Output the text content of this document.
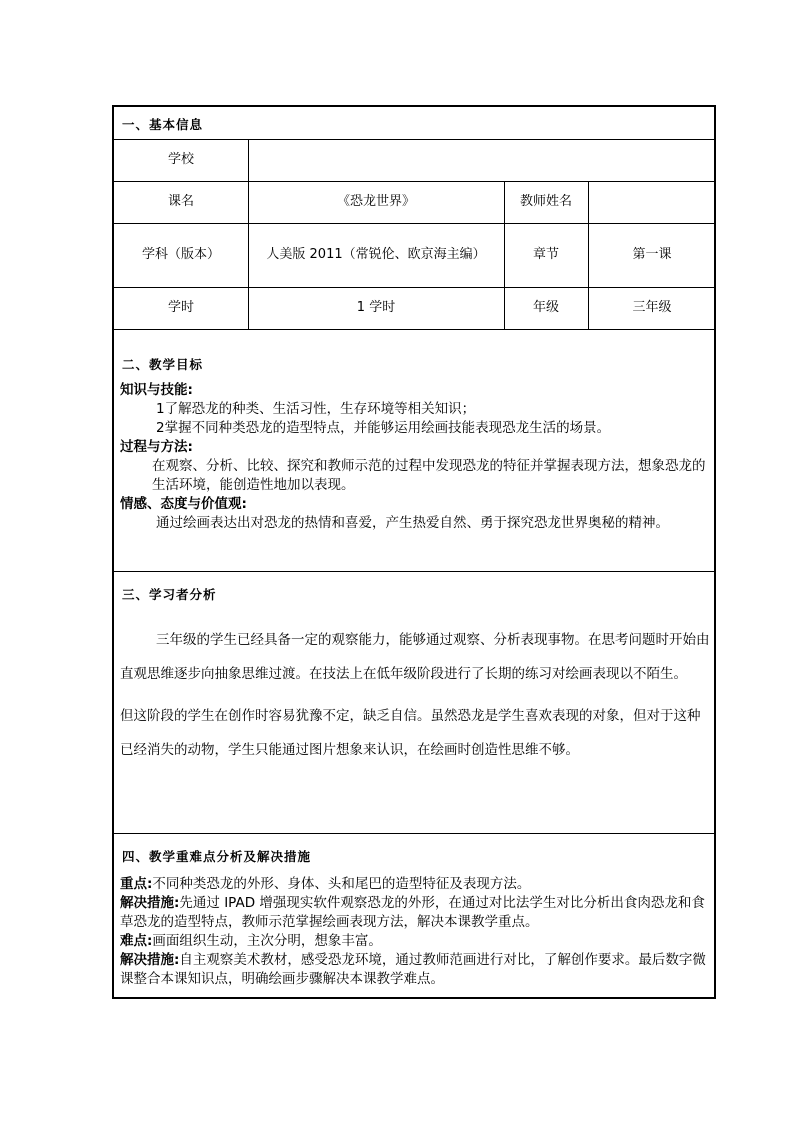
一、基本信息
学校
课名	《恐龙世界》	教师姓名
学科（版本）	人美版 2011（常锐伦、欧京海主编）	章节	第一课
学时	1 学时	年级	三年级
二、教学目标

知识与技能:

1了解恐龙的种类、生活习性，生存环境等相关知识；

2掌握不同种类恐龙的造型特点，并能够运用绘画技能表现恐龙生活的场景。

过程与方法:

在观察、分析、比较、探究和教师示范的过程中发现恐龙的特征并掌握表现方法，想象恐龙的生活环境，能创造性地加以表现。

情感、态度与价值观:

通过绘画表达出对恐龙的热情和喜爱，产生热爱自然、勇于探究恐龙世界奥秘的精神。

三、学习者分析

三年级的学生已经具备一定的观察能力，能够通过观察、分析表现事物。在思考问题时开始由直观思维逐步向抽象思维过渡。在技法上在低年级阶段进行了长期的练习对绘画表现以不陌生。

但这阶段的学生在创作时容易犹豫不定，缺乏自信。虽然恐龙是学生喜欢表现的对象，但对于这种已经消失的动物，学生只能通过图片想象来认识，在绘画时创造性思维不够。

四、教学重难点分析及解决措施

重点:不同种类恐龙的外形、身体、头和尾巴的造型特征及表现方法。

解决措施:先通过 IPAD 增强现实软件观察恐龙的外形，在通过对比法学生对比分析出食肉恐龙和食草恐龙的造型特点，教师示范掌握绘画表现方法，解决本课教学重点。

难点:画面组织生动，主次分明，想象丰富。

解决措施:自主观察美术教材，感受恐龙环境，通过教师范画进行对比，了解创作要求。最后数字微课整合本课知识点，明确绘画步骤解决本课教学难点。
